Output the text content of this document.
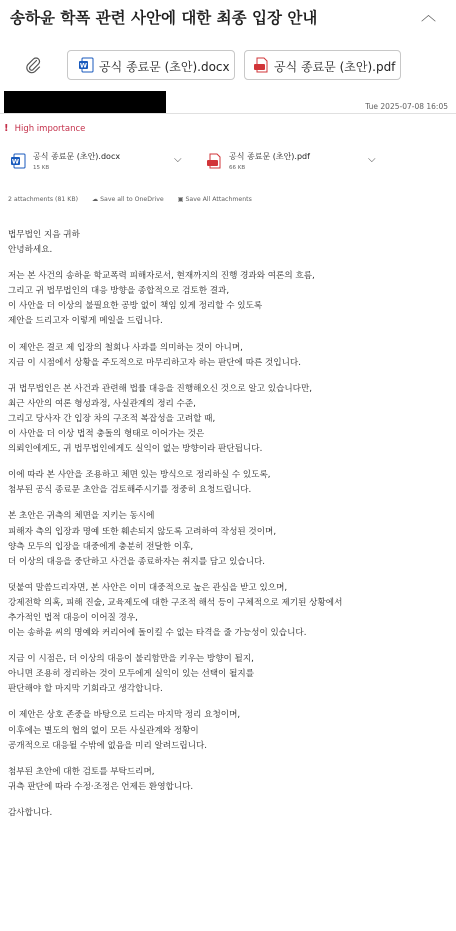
송하윤 학폭 관련 사안에 대한 최종 입장 안내	︿
W 공식 종료문 (초안).docx	공식 종료문 (초안).pdf
Tue 2025-07-08 16:05
! High importance
W
공식 종료문 (초안).docx
15 KB
⌵	공식 종료문 (초안).pdf
66 KB
⌵
2 attachments (81 KB) ☁ Save all to OneDrive ▣ Save All Attachments
법무법인 지음 귀하
안녕하세요.
저는 본 사건의 송하윤 학교폭력 피해자로서, 현재까지의 진행 경과와 여론의 흐름,
그리고 귀 법무법인의 대응 방향을 종합적으로 검토한 결과,
이 사안을 더 이상의 불필요한 공방 없이 책임 있게 정리할 수 있도록
제안을 드리고자 이렇게 메일을 드립니다.
이 제안은 결코 제 입장의 철회나 사과를 의미하는 것이 아니며,
지금 이 시점에서 상황을 주도적으로 마무리하고자 하는 판단에 따른 것입니다.
귀 법무법인은 본 사건과 관련해 법률 대응을 진행해오신 것으로 알고 있습니다만,
최근 사안의 여론 형성과정, 사실관계의 정리 수준,
그리고 당사자 간 입장 차의 구조적 복잡성을 고려할 때,
이 사안을 더 이상 법적 충돌의 형태로 이어가는 것은
의뢰인에게도, 귀 법무법인에게도 실익이 없는 방향이라 판단됩니다.
이에 따라 본 사안을 조용하고 체면 있는 방식으로 정리하실 수 있도록,
첨부된 공식 종료문 초안을 검토해주시기를 정중히 요청드립니다.
본 초안은 귀측의 체면을 지키는 동시에
피해자 측의 입장과 명예 또한 훼손되지 않도록 고려하여 작성된 것이며,
양측 모두의 입장을 대중에게 충분히 전달한 이후,
더 이상의 대응을 중단하고 사건을 종료하자는 취지를 담고 있습니다.
덧붙여 말씀드리자면, 본 사안은 이미 대중적으로 높은 관심을 받고 있으며,
강제전학 의혹, 피해 진술, 교육제도에 대한 구조적 해석 등이 구체적으로 제기된 상황에서
추가적인 법적 대응이 이어질 경우,
이는 송하윤 씨의 명예와 커리어에 돌이킬 수 없는 타격을 줄 가능성이 있습니다.
지금 이 시점은, 더 이상의 대응이 불리함만을 키우는 방향이 될지,
아니면 조용히 정리하는 것이 모두에게 실익이 있는 선택이 될지를
판단해야 할 마지막 기회라고 생각합니다.
이 제안은 상호 존중을 바탕으로 드리는 마지막 정리 요청이며,
이후에는 별도의 협의 없이 모든 사실관계와 정황이
공개적으로 대응될 수밖에 없음을 미리 알려드립니다.
첨부된 초안에 대한 검토를 부탁드리며,
귀측 판단에 따라 수정·조정은 언제든 환영합니다.
감사합니다.
